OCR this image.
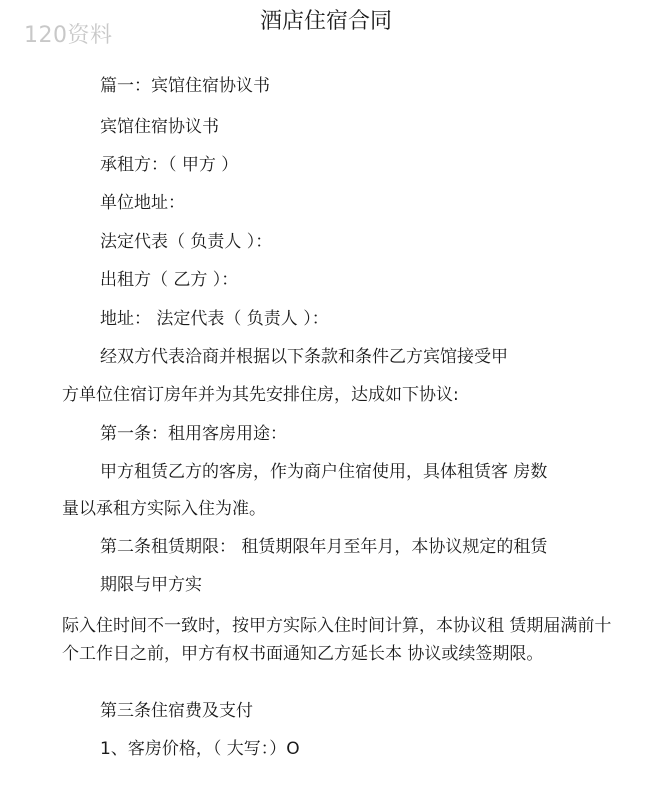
120资料
酒店住宿合同
篇一：宾馆住宿协议书
宾馆住宿协议书
承租方：（ 甲方 ）
单位地址：
法定代表（ 负责人 ）：
出租方（ 乙方 ）：
地址： 法定代表（ 负责人 ）：
经双方代表洽商并根据以下条款和条件乙方宾馆接受甲
方单位住宿订房年并为其先安排住房，达成如下协议:
第一条：租用客房用途：
甲方租赁乙方的客房，作为商户住宿使用，具体租赁客 房数
量以承租方实际入住为准。
第二条租赁期限： 租赁期限年月至年月，本协议规定的租赁
期限与甲方实
际入住时间不一致时，按甲方实际入住时间计算，本协议租 赁期届满前十个工作日之前，甲方有权书面通知乙方延长本 协议或续签期限。
第三条住宿费及支付
1、客房价格，（ 大写：）O
